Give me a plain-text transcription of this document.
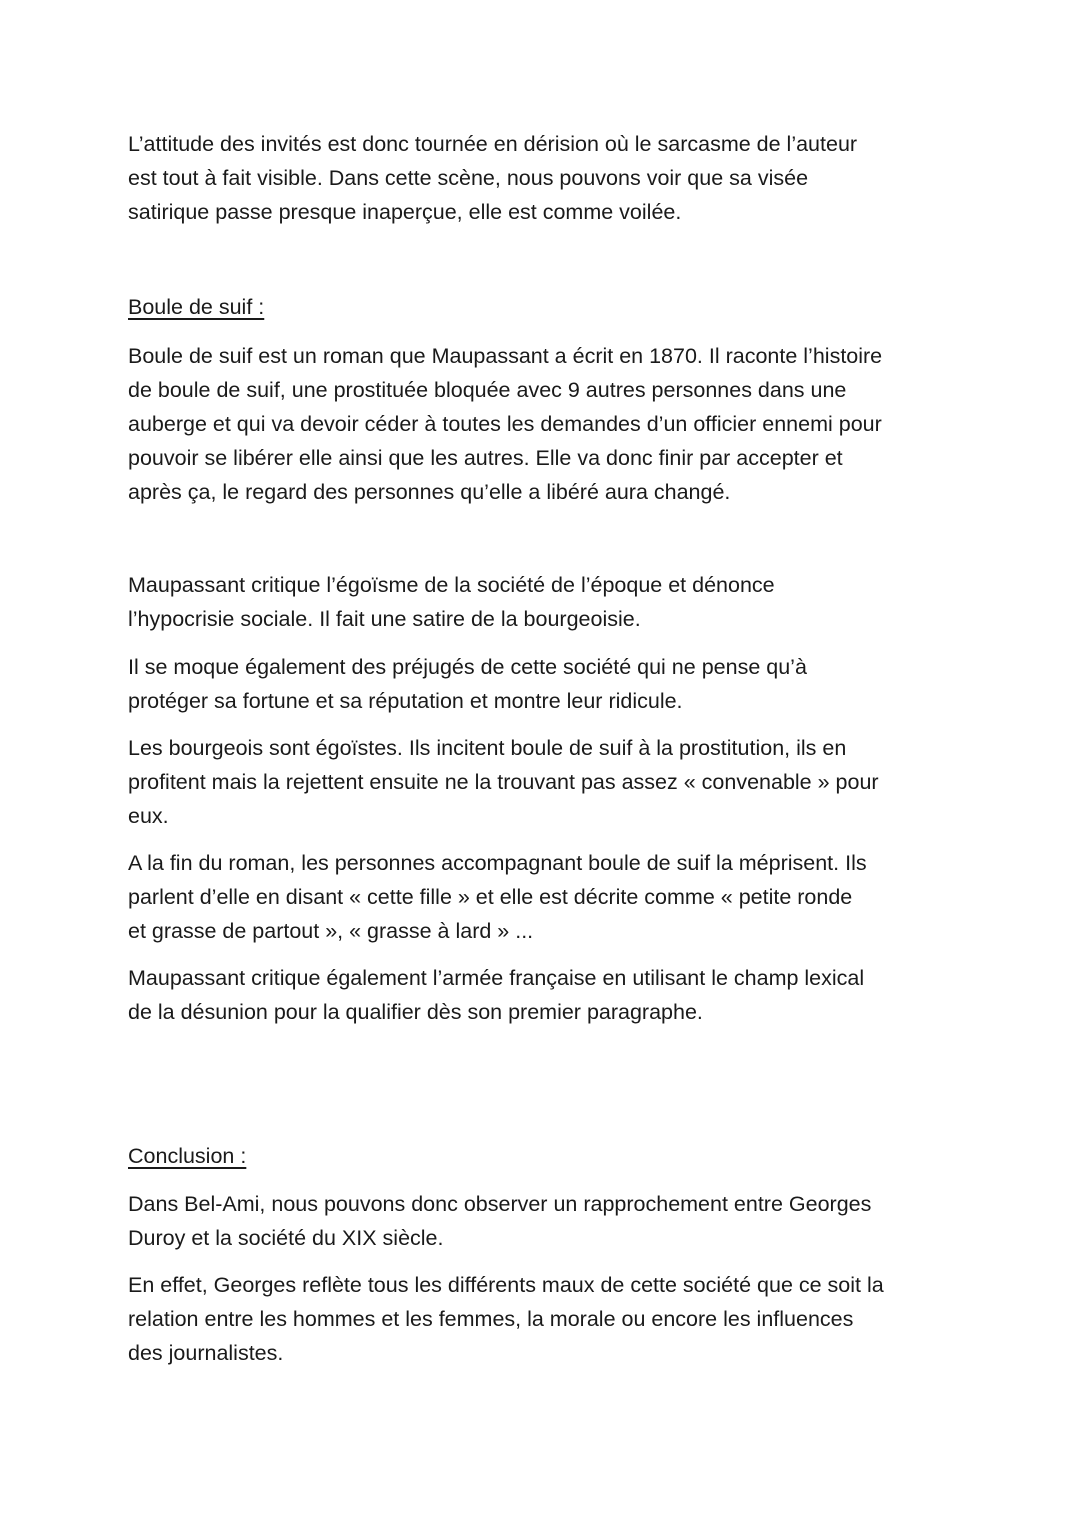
L’attitude des invités est donc tournée en dérision où le sarcasme de l’auteur
est tout à fait visible. Dans cette scène, nous pouvons voir que sa visée
satirique passe presque inaperçue, elle est comme voilée.

Boule de suif :

Boule de suif est un roman que Maupassant a écrit en 1870. Il raconte l’histoire
de boule de suif, une prostituée bloquée avec 9 autres personnes dans une
auberge et qui va devoir céder à toutes les demandes d’un officier ennemi pour
pouvoir se libérer elle ainsi que les autres. Elle va donc finir par accepter et
après ça, le regard des personnes qu’elle a libéré aura changé.

Maupassant critique l’égoïsme de la société de l’époque et dénonce
l’hypocrisie sociale. Il fait une satire de la bourgeoisie.

Il se moque également des préjugés de cette société qui ne pense qu’à
protéger sa fortune et sa réputation et montre leur ridicule.

Les bourgeois sont égoïstes. Ils incitent boule de suif à la prostitution, ils en
profitent mais la rejettent ensuite ne la trouvant pas assez « convenable » pour
eux.

A la fin du roman, les personnes accompagnant boule de suif la méprisent. Ils
parlent d’elle en disant « cette fille » et elle est décrite comme « petite ronde
et grasse de partout », « grasse à lard » ...

Maupassant critique également l’armée française en utilisant le champ lexical
de la désunion pour la qualifier dès son premier paragraphe.

Conclusion :

Dans Bel-Ami, nous pouvons donc observer un rapprochement entre Georges
Duroy et la société du XIX siècle.

En effet, Georges reflète tous les différents maux de cette société que ce soit la
relation entre les hommes et les femmes, la morale ou encore les influences
des journalistes.
